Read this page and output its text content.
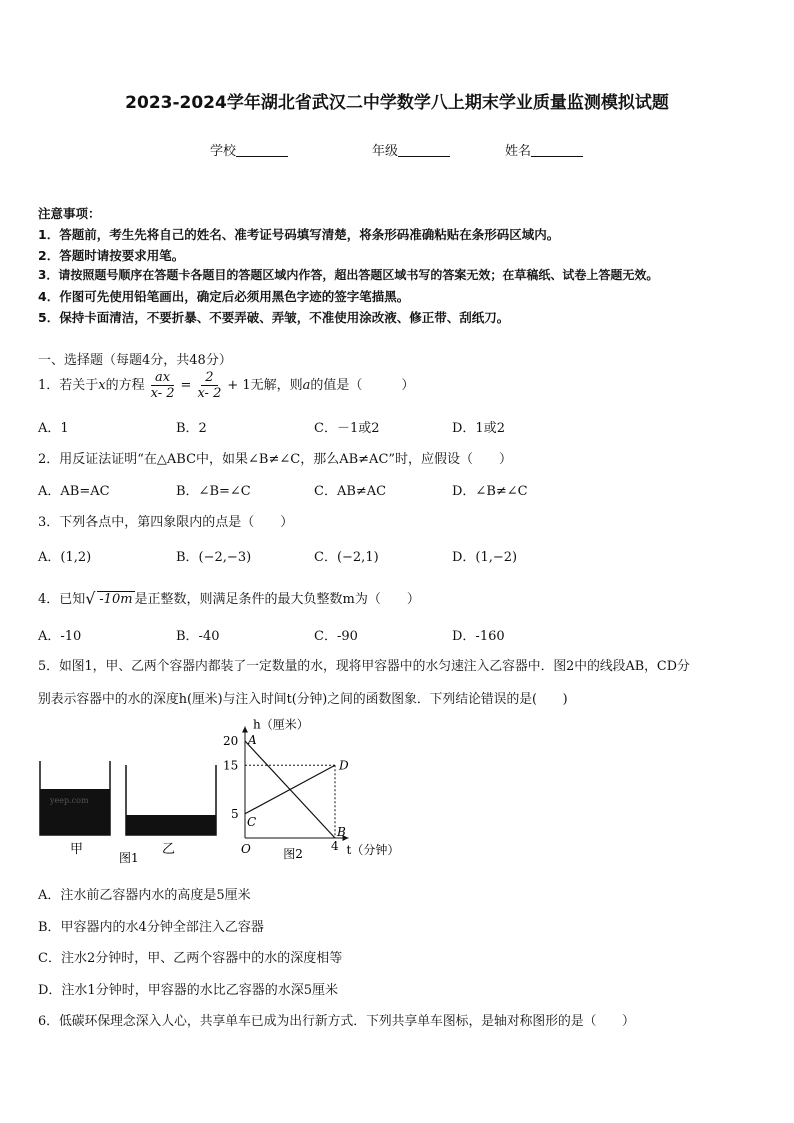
2023-2024学年湖北省武汉二中学数学八上期末学业质量监测模拟试题
学校	年级	姓名
注意事项：
1．答题前，考生先将自己的姓名、准考证号码填写清楚，将条形码准确粘贴在条形码区域内。
2．答题时请按要求用笔。
3．请按照题号顺序在答题卡各题目的答题区域内作答，超出答题区域书写的答案无效；在草稿纸、试卷上答题无效。
4．作图可先使用铅笔画出，确定后必须用黑色字迹的签字笔描黑。
5．保持卡面清洁，不要折暴、不要弄破、弄皱，不准使用涂改液、修正带、刮纸刀。
一、选择题（每题4分，共48分）
1．若关于x的方程 $\frac{ax}{x- 2} = \frac{2}{x- 2} + 1$无解，则a的值是（　　　）
A．1	B．2	C．－1或2	D．1或2
2．用反证法证明“在△ABC中，如果∠B≠∠C，那么AB≠AC”时，应假设（　　）
A．AB=AC	B．∠B=∠C	C．AB≠AC	D．∠B≠∠C
3．下列各点中，第四象限内的点是（　　）
A．(1,2)	B．(−2,−3)	C．(−2,1)	D．(1,−2)
4．已知 √ -10m 是正整数，则满足条件的最大负整数m为（　　）
A．-10	B．-40	C．-90	D．-160
5．如图1，甲、乙两个容器内都装了一定数量的水，现将甲容器中的水匀速注入乙容器中．图2中的线段AB，CD分
别表示容器中的水的深度h(厘米)与注入时间t(分钟)之间的函数图象．下列结论错误的是(　　)
yeep.com
甲	乙
图1
h（厘米）
t（分钟）
5
15
20
O	4
A
B
C
D
图2
A．注水前乙容器内水的高度是5厘米
B．甲容器内的水4分钟全部注入乙容器
C．注水2分钟时，甲、乙两个容器中的水的深度相等
D．注水1分钟时，甲容器的水比乙容器的水深5厘米
6．低碳环保理念深入人心，共享单车已成为出行新方式．下列共享单车图标，是轴对称图形的是（　　）
